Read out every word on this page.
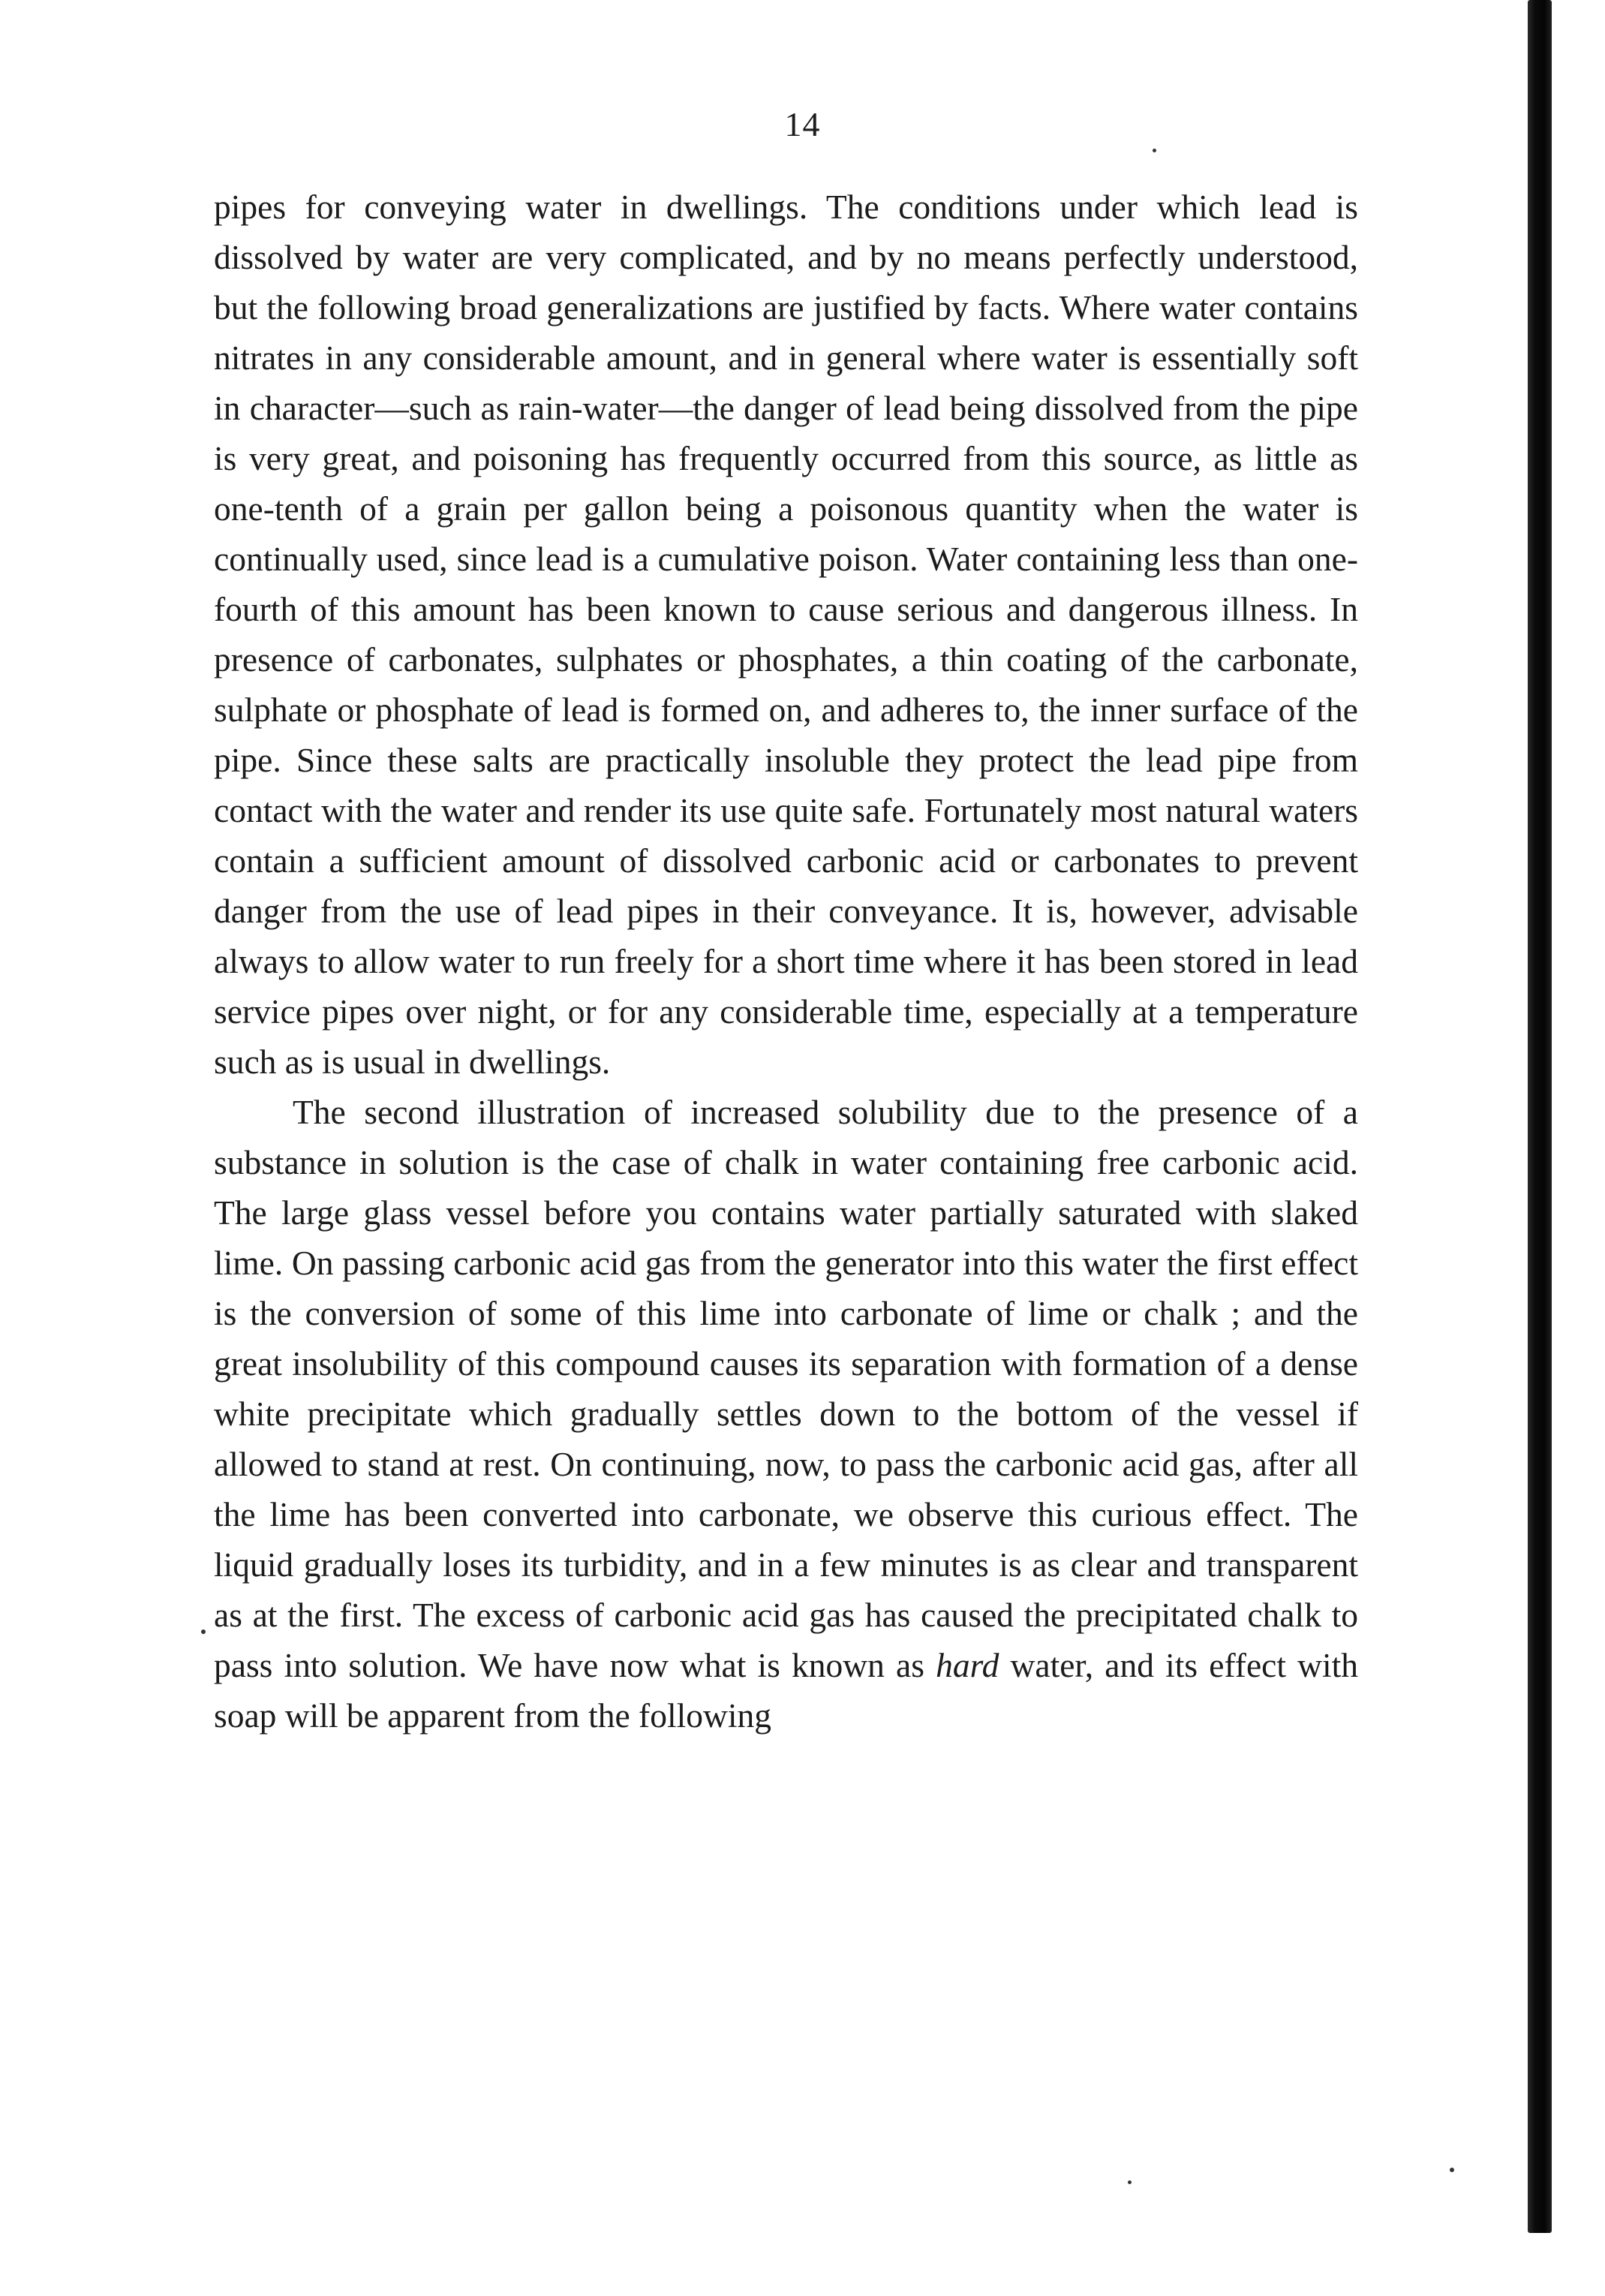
14

pipes for conveying water in dwellings. The conditions under which lead is dissolved by water are very complicated, and by no means perfectly understood, but the following broad generalizations are justified by facts. Where water contains nitrates in any considerable amount, and in general where water is essentially soft in character—such as rain-water—the danger of lead being dissolved from the pipe is very great, and poisoning has frequently occurred from this source, as little as one-tenth of a grain per gallon being a poisonous quantity when the water is continually used, since lead is a cumulative poison. Water containing less than one-fourth of this amount has been known to cause serious and dangerous illness. In presence of carbonates, sulphates or phosphates, a thin coating of the carbonate, sulphate or phosphate of lead is formed on, and adheres to, the inner surface of the pipe. Since these salts are practically insoluble they protect the lead pipe from contact with the water and render its use quite safe. Fortunately most natural waters contain a sufficient amount of dissolved carbonic acid or carbonates to prevent danger from the use of lead pipes in their conveyance. It is, however, advisable always to allow water to run freely for a short time where it has been stored in lead service pipes over night, or for any considerable time, especially at a temperature such as is usual in dwellings.

The second illustration of increased solubility due to the presence of a substance in solution is the case of chalk in water containing free carbonic acid. The large glass vessel before you contains water partially saturated with slaked lime. On passing carbonic acid gas from the generator into this water the first effect is the conversion of some of this lime into carbonate of lime or chalk ; and the great insolubility of this compound causes its separation with formation of a dense white precipitate which gradually settles down to the bottom of the vessel if allowed to stand at rest. On continuing, now, to pass the carbonic acid gas, after all the lime has been converted into carbonate, we observe this curious effect. The liquid gradually loses its turbidity, and in a few minutes is as clear and transparent as at the first. The excess of carbonic acid gas has caused the precipitated chalk to pass into solution. We have now what is known as hard water, and its effect with soap will be apparent from the following
